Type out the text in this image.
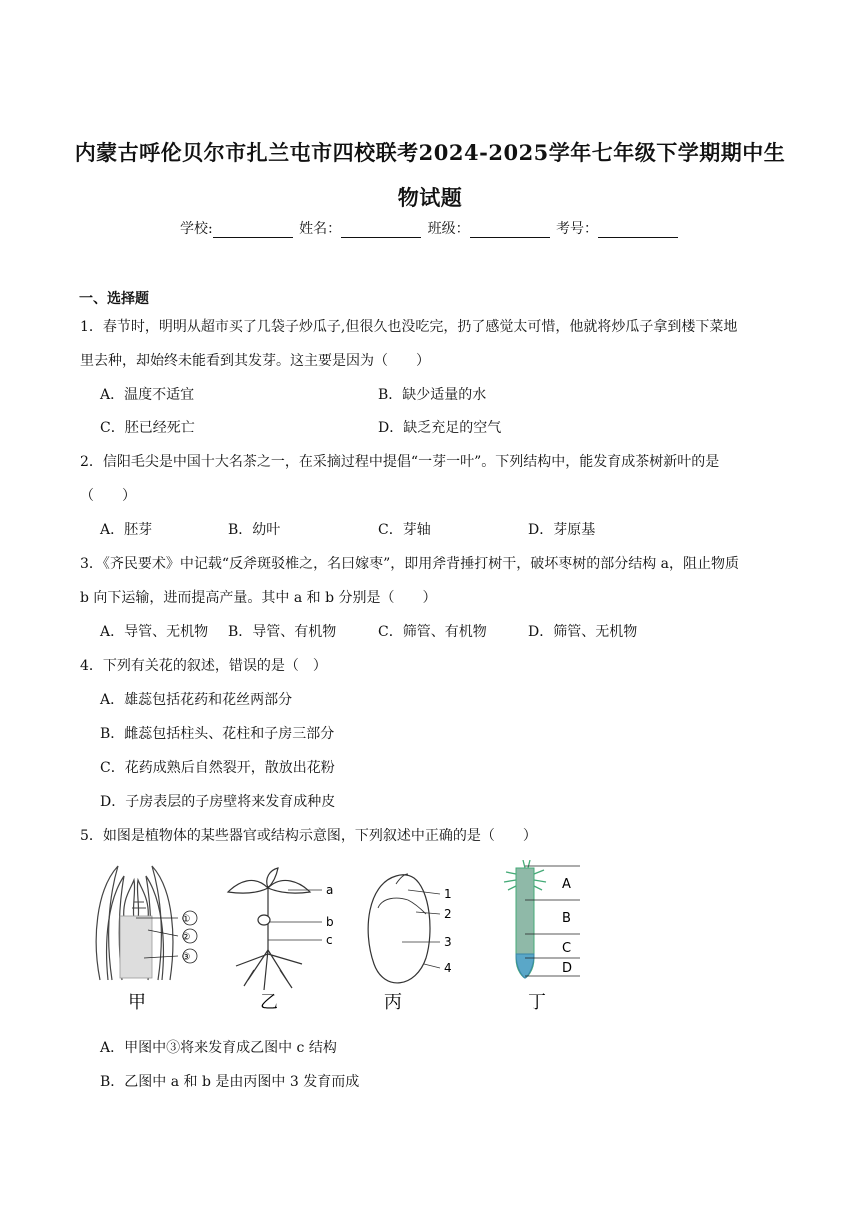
内蒙古呼伦贝尔市扎兰屯市四校联考2024-2025学年七年级下学期期中生
物试题
学校:	姓名：	班级：	考号：
一、选择题
1．春节时，明明从超市买了几袋子炒瓜子,但很久也没吃完，扔了感觉太可惜，他就将炒瓜子拿到楼下菜地
里去种，却始终未能看到其发芽。这主要是因为（　　）
A．温度不适宜	B．缺少适量的水
C．胚已经死亡	D．缺乏充足的空气
2．信阳毛尖是中国十大名茶之一，在采摘过程中提倡“一芽一叶”。下列结构中，能发育成茶树新叶的是
（　　）
A．胚芽	B．幼叶	C．芽轴	D．芽原基
3．《齐民要术》中记载“反斧斑驳椎之，名曰嫁枣”，即用斧背捶打树干，破坏枣树的部分结构 a，阻止物质
b 向下运输，进而提高产量。其中 a 和 b 分别是（　　）
A．导管、无机物 B．导管、有机物	C．筛管、有机物	D．筛管、无机物
4．下列有关花的叙述，错误的是（　）
A．雄蕊包括花药和花丝两部分
B．雌蕊包括柱头、花柱和子房三部分
C．花药成熟后自然裂开，散放出花粉
D．子房表层的子房壁将来发育成种皮
5．如图是植物体的某些器官或结构示意图，下列叙述中正确的是（　　）
①
②
③
甲
a
b
c
乙
1
2
3
4
丙
A
B
C
D
丁
A．甲图中③将来发育成乙图中 c 结构
B．乙图中 a 和 b 是由丙图中 3 发育而成
